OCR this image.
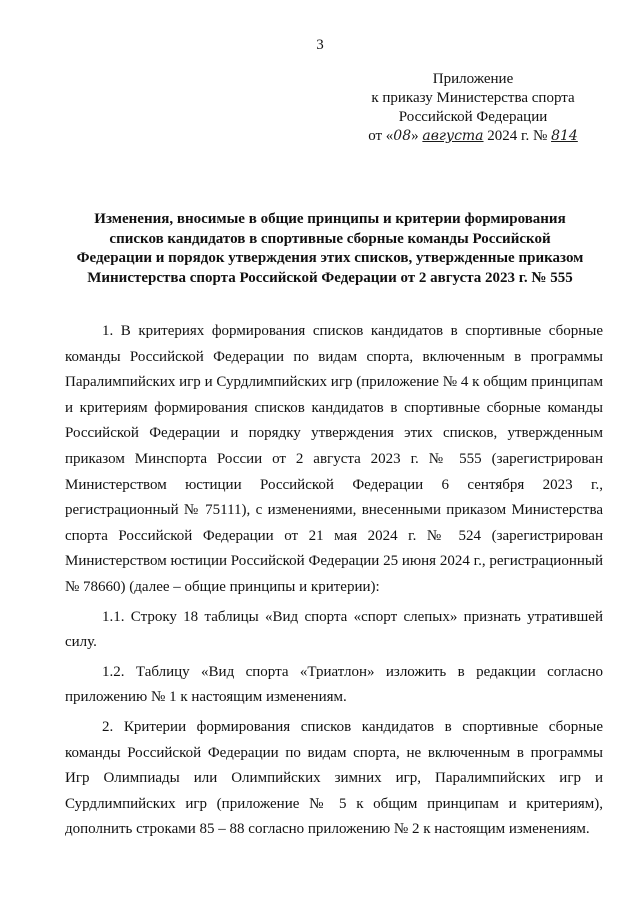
3
Приложение
к приказу Министерства спорта
Российской Федерации
от «08» августа 2024 г. № 814
Изменения, вносимые в общие принципы и критерии формирования списков кандидатов в спортивные сборные команды Российской Федерации и порядок утверждения этих списков, утвержденные приказом Министерства спорта Российской Федерации от 2 августа 2023 г. № 555

1. В критериях формирования списков кандидатов в спортивные сборные команды Российской Федерации по видам спорта, включенным в программы Паралимпийских игр и Сурдлимпийских игр (приложение № 4 к общим принципам и критериям формирования списков кандидатов в спортивные сборные команды Российской Федерации и порядку утверждения этих списков, утвержденным приказом Минспорта России от 2 августа 2023 г. № 555 (зарегистрирован Министерством юстиции Российской Федерации 6 сентября 2023 г., регистрационный № 75111), с изменениями, внесенными приказом Министерства спорта Российской Федерации от 21 мая 2024 г. № 524 (зарегистрирован Министерством юстиции Российской Федерации 25 июня 2024 г., регистрационный № 78660) (далее – общие принципы и критерии):

1.1. Строку 18 таблицы «Вид спорта «спорт слепых» признать утратившей силу.

1.2. Таблицу «Вид спорта «Триатлон» изложить в редакции согласно приложению № 1 к настоящим изменениям.

2. Критерии формирования списков кандидатов в спортивные сборные команды Российской Федерации по видам спорта, не включенным в программы Игр Олимпиады или Олимпийских зимних игр, Паралимпийских игр и Сурдлимпийских игр (приложение № 5 к общим принципам и критериям), дополнить строками 85 – 88 согласно приложению № 2 к настоящим изменениям.
